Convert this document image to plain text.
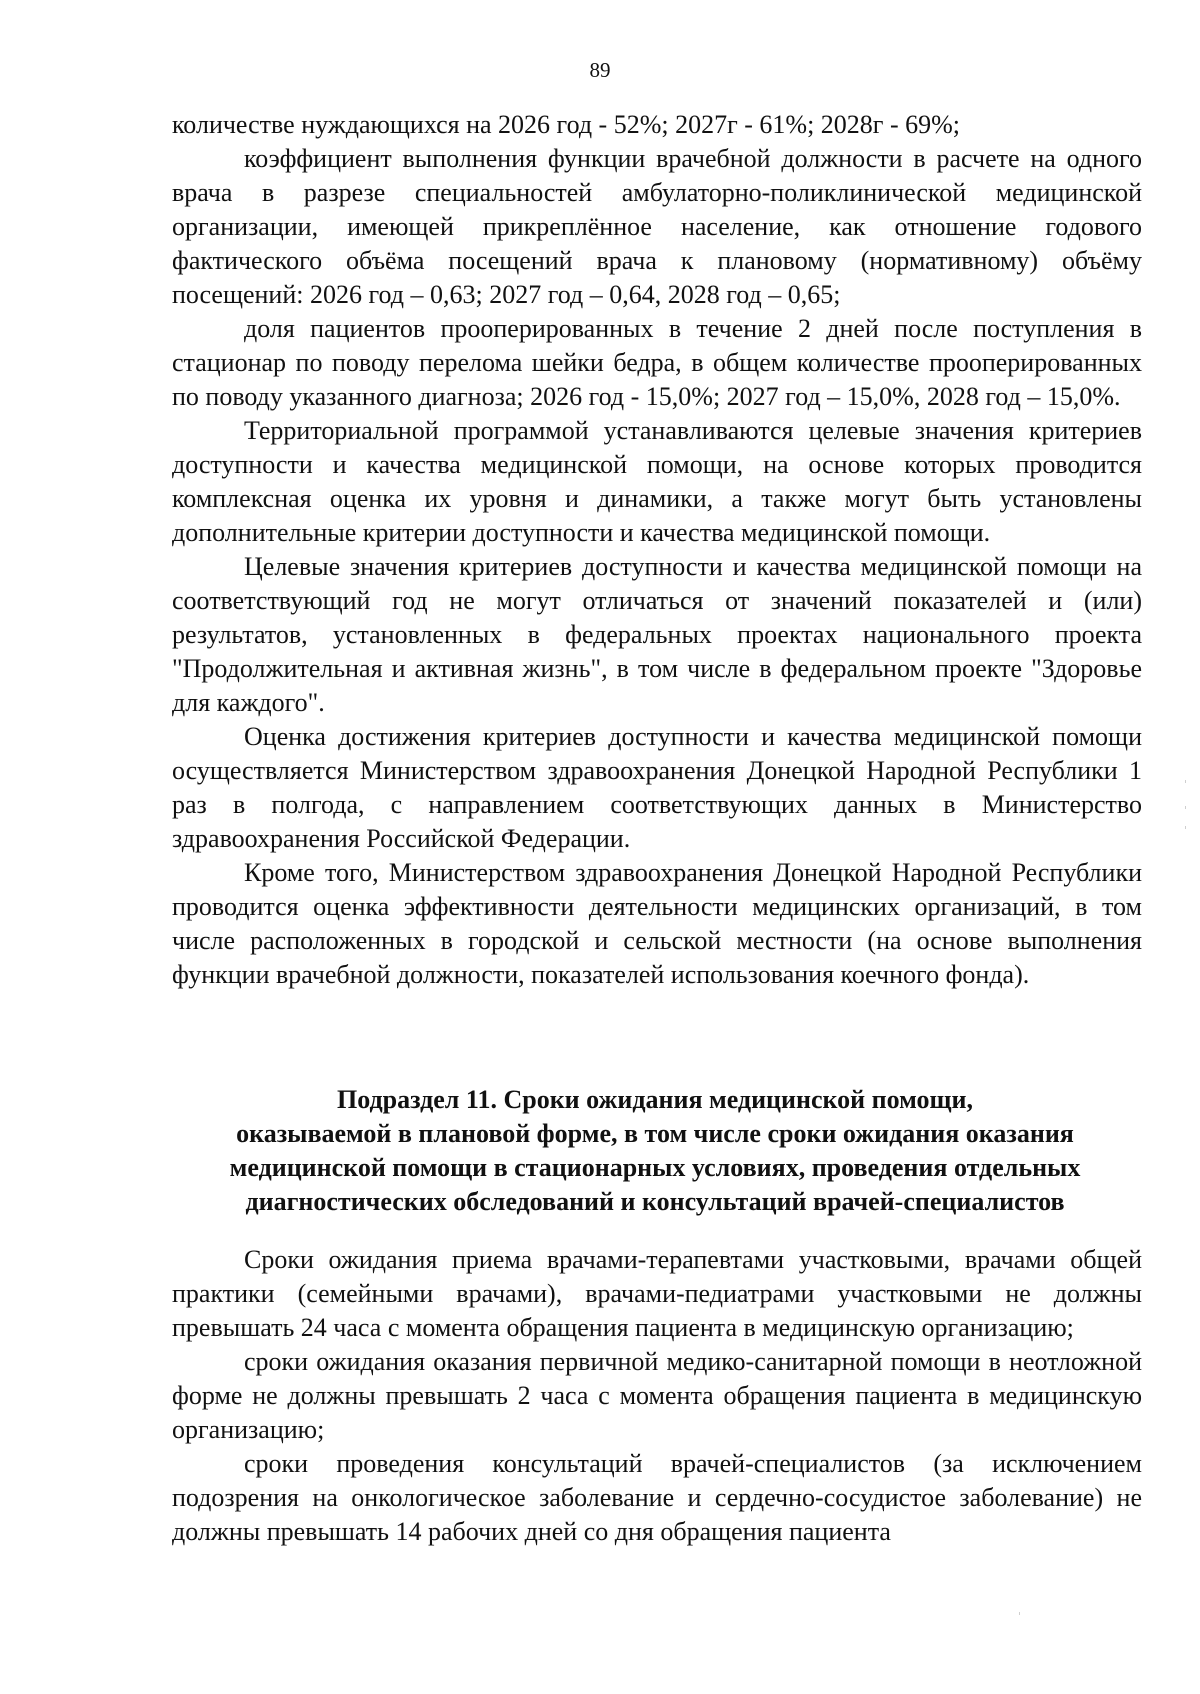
89

количестве нуждающихся на 2026 год - 52%; 2027г - 61%; 2028г - 69%;

коэффициент выполнения функции врачебной должности в расчете на одного врача в разрезе специальностей амбулаторно-поликлинической медицинской организации, имеющей прикреплённое население, как отношение годового фактического объёма посещений врача к плановому (нормативному) объёму посещений: 2026 год – 0,63; 2027 год – 0,64, 2028 год – 0,65;

доля пациентов прооперированных в течение 2 дней после поступления в стационар по поводу перелома шейки бедра, в общем количестве прооперированных по поводу указанного диагноза; 2026 год - 15,0%; 2027 год – 15,0%, 2028 год – 15,0%.

Территориальной программой устанавливаются целевые значения критериев доступности и качества медицинской помощи, на основе которых проводится комплексная оценка их уровня и динамики, а также могут быть установлены дополнительные критерии доступности и качества медицинской помощи.

Целевые значения критериев доступности и качества медицинской помощи на соответствующий год не могут отличаться от значений показателей и (или) результатов, установленных в федеральных проектах национального проекта "Продолжительная и активная жизнь", в том числе в федеральном проекте "Здоровье для каждого".

Оценка достижения критериев доступности и качества медицинской помощи осуществляется Министерством здравоохранения Донецкой Народной Республики 1 раз в полгода, с направлением соответствующих данных в Министерство здравоохранения Российской Федерации.

Кроме того, Министерством здравоохранения Донецкой Народной Республики проводится оценка эффективности деятельности медицинских организаций, в том числе расположенных в городской и сельской местности (на основе выполнения функции врачебной должности, показателей использования коечного фонда).

Подраздел 11. Сроки ожидания медицинской помощи,
оказываемой в плановой форме, в том числе сроки ожидания оказания
медицинской помощи в стационарных условиях, проведения отдельных
диагностических обследований и консультаций врачей-специалистов

Сроки ожидания приема врачами-терапевтами участковыми, врачами общей практики (семейными врачами), врачами-педиатрами участковыми не должны превышать 24 часа с момента обращения пациента в медицинскую организацию;

сроки ожидания оказания первичной медико-санитарной помощи в неотложной форме не должны превышать 2 часа с момента обращения пациента в медицинскую организацию;

сроки проведения консультаций врачей-специалистов (за исключением подозрения на онкологическое заболевание и сердечно-сосудистое заболевание) не должны превышать 14 рабочих дней со дня обращения пациента
